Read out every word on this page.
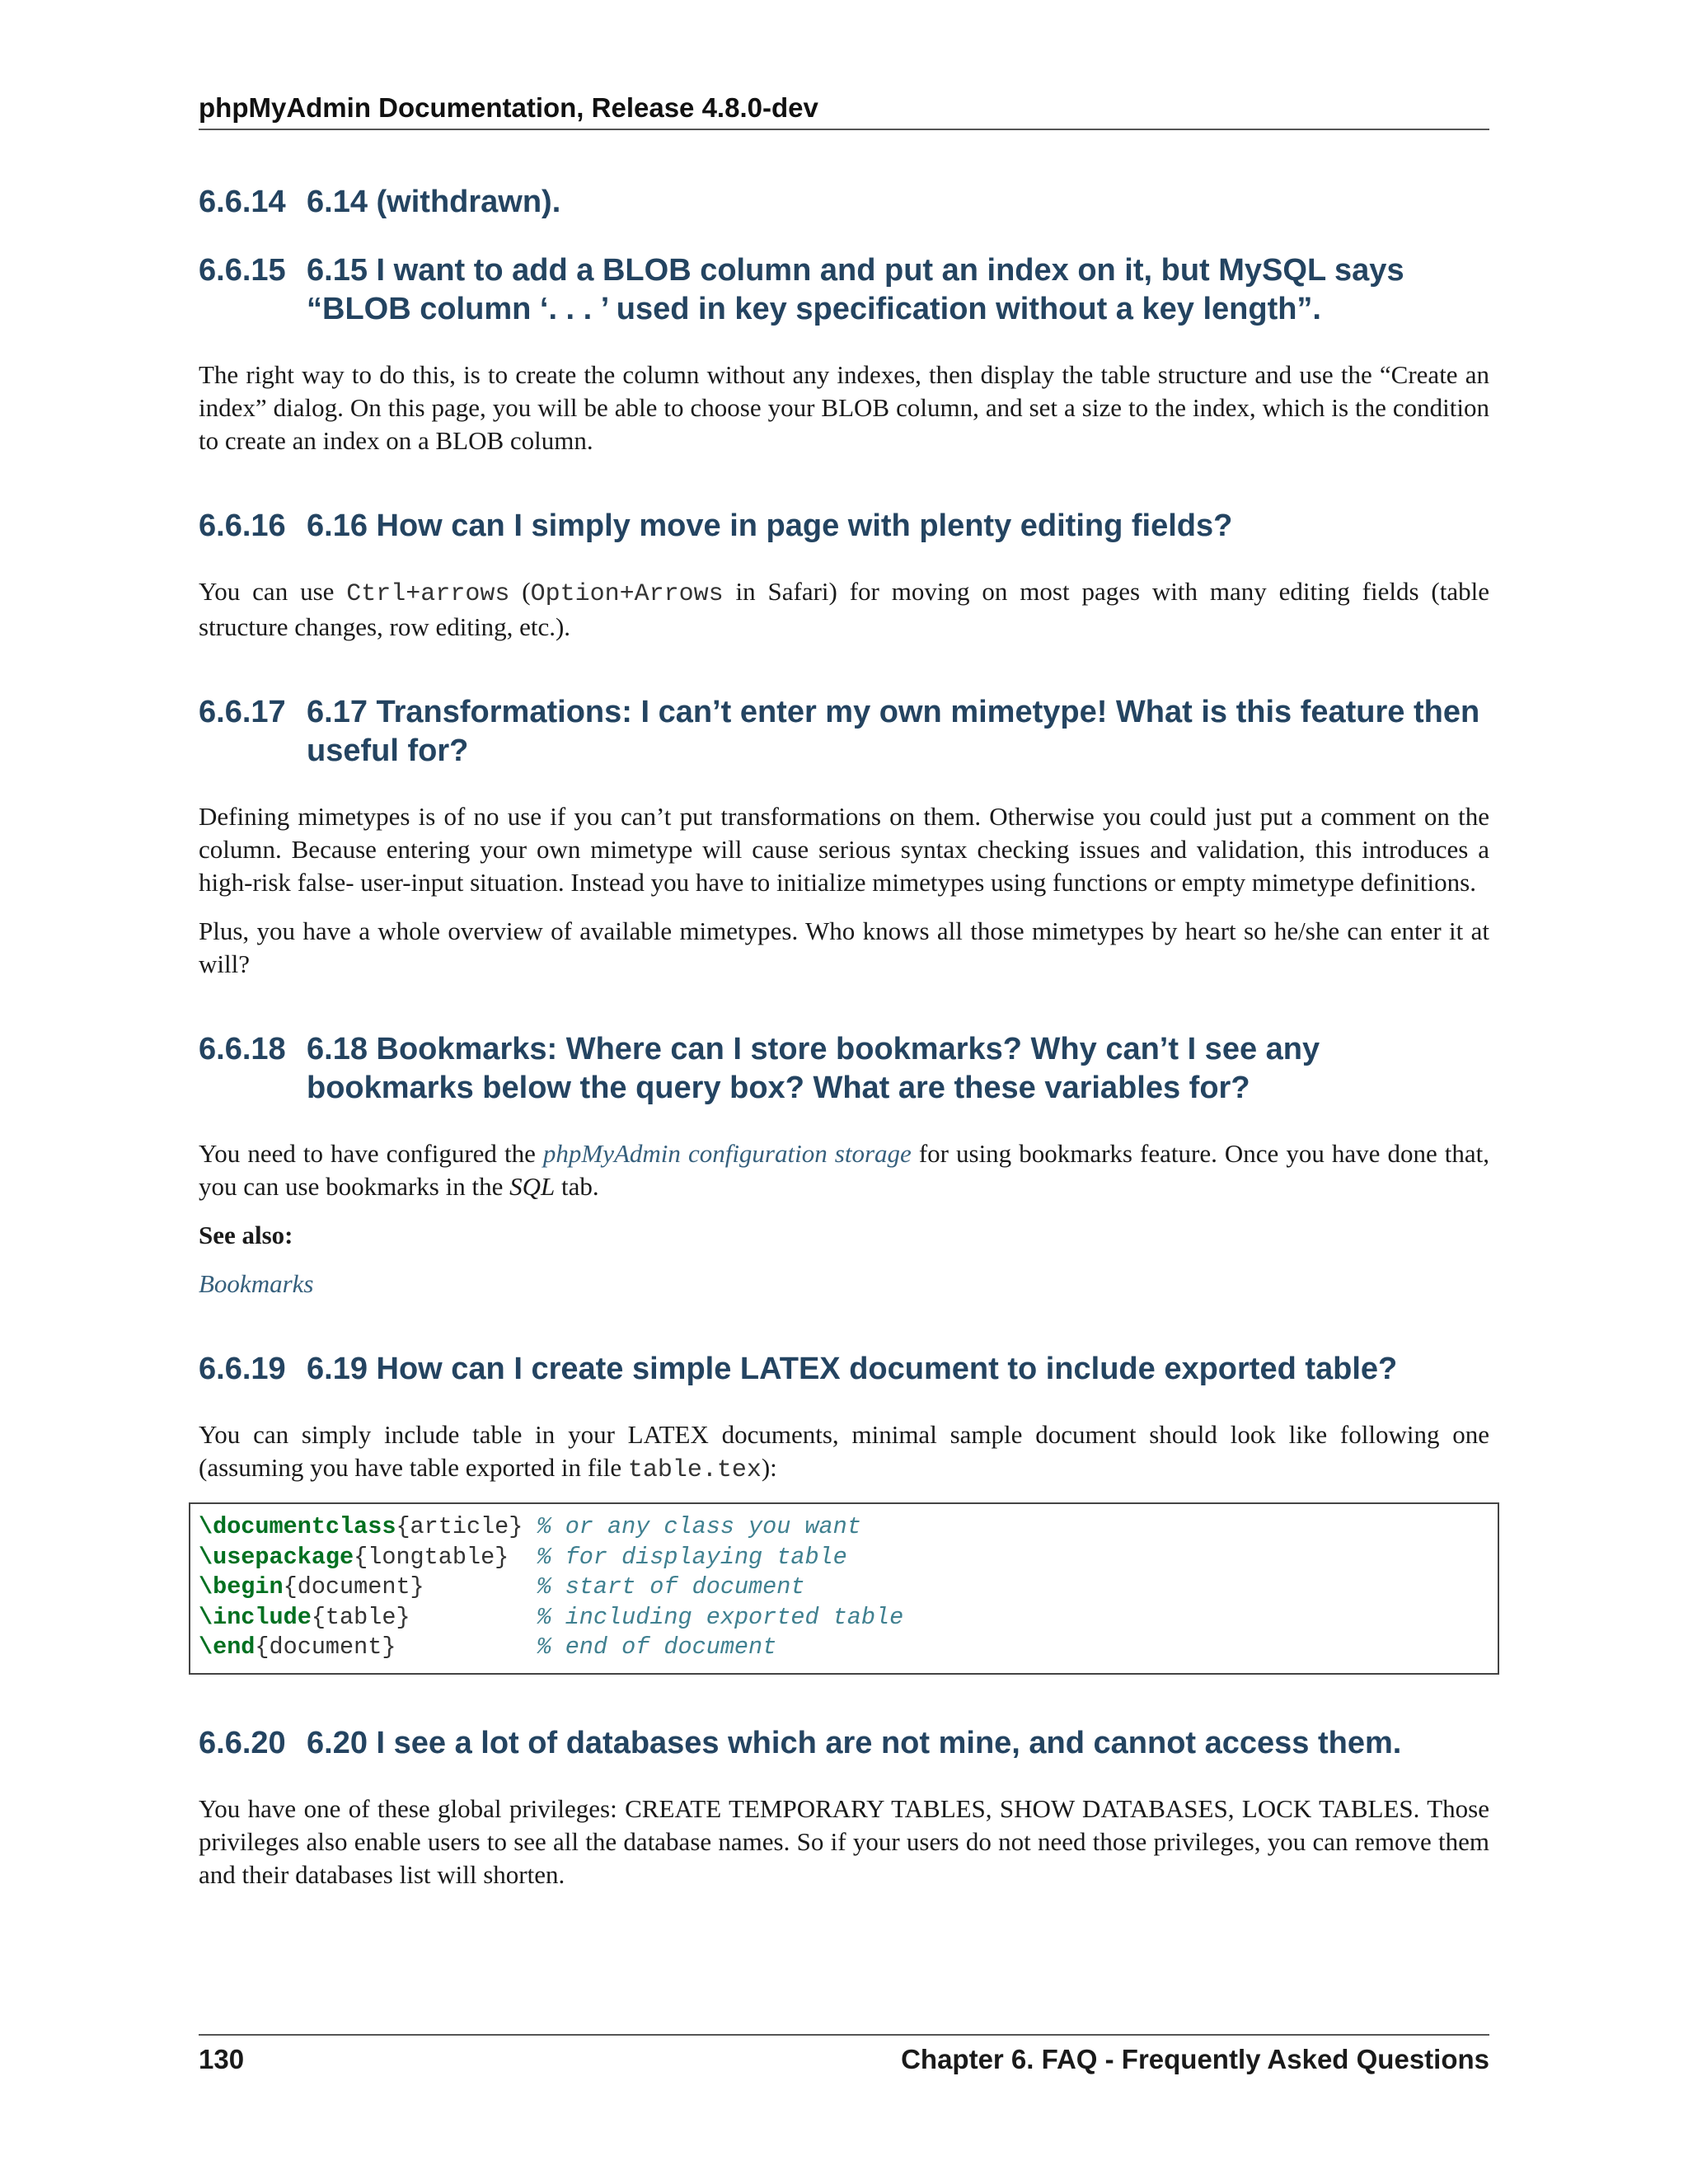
phpMyAdmin Documentation, Release 4.8.0-dev
6.6.14 6.14 (withdrawn).
6.6.15 6.15 I want to add a BLOB column and put an index on it, but MySQL says “BLOB column ‘. . . ’ used in key specification without a key length”.

The right way to do this, is to create the column without any indexes, then display the table structure and use the “Create an index” dialog. On this page, you will be able to choose your BLOB column, and set a size to the index, which is the condition to create an index on a BLOB column.

6.6.16 6.16 How can I simply move in page with plenty editing fields?

You can use Ctrl+arrows (Option+Arrows in Safari) for moving on most pages with many editing fields (table structure changes, row editing, etc.).

6.6.17 6.17 Transformations: I can’t enter my own mimetype! What is this feature then useful for?

Defining mimetypes is of no use if you can’t put transformations on them. Otherwise you could just put a comment on the column. Because entering your own mimetype will cause serious syntax checking issues and validation, this introduces a high-risk false- user-input situation. Instead you have to initialize mimetypes using functions or empty mimetype definitions.

Plus, you have a whole overview of available mimetypes. Who knows all those mimetypes by heart so he/she can enter it at will?

6.6.18 6.18 Bookmarks: Where can I store bookmarks? Why can’t I see any bookmarks below the query box? What are these variables for?

You need to have configured the phpMyAdmin configuration storage for using bookmarks feature. Once you have done that, you can use bookmarks in the SQL tab.

See also:

Bookmarks

6.6.19 6.19 How can I create simple LATEX document to include exported table?

You can simply include table in your LATEX documents, minimal sample document should look like following one (assuming you have table exported in file table.tex):

\documentclass{article} % or any class you want
\usepackage{longtable} % for displaying table
\begin{document}	% start of document
\include{table}	% including exported table
\end{document}	% end of document
6.6.20 6.20 I see a lot of databases which are not mine, and cannot access them.

You have one of these global privileges: CREATE TEMPORARY TABLES, SHOW DATABASES, LOCK TABLES. Those privileges also enable users to see all the database names. So if your users do not need those privileges, you can remove them and their databases list will shorten.

130	Chapter 6. FAQ - Frequently Asked Questions
